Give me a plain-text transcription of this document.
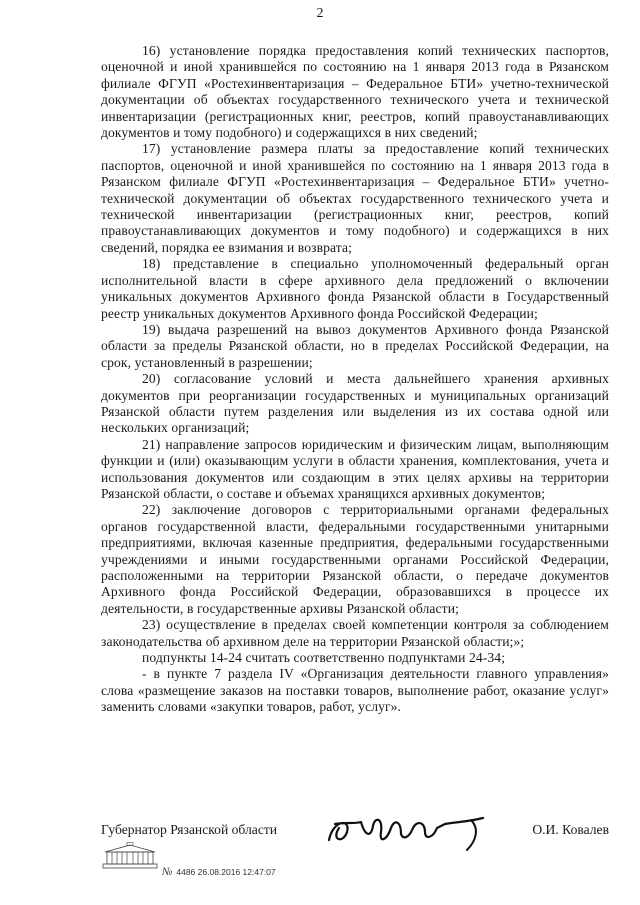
2

16) установление порядка предоставления копий технических паспортов, оценочной и иной хранившейся по состоянию на 1 января 2013 года в Рязанском филиале ФГУП «Ростехинвентаризация – Федеральное БТИ» учетно-технической документации об объектах государственного технического учета и технической инвентаризации (регистрационных книг, реестров, копий правоустанавливающих документов и тому подобного) и содержащихся в них сведений;

17) установление размера платы за предоставление копий технических паспортов, оценочной и иной хранившейся по состоянию на 1 января 2013 года в Рязанском филиале ФГУП «Ростехинвентаризация – Федеральное БТИ» учетно-технической документации об объектах государственного технического учета и технической инвентаризации (регистрационных книг, реестров, копий правоустанавливающих документов и тому подобного) и содержащихся в них сведений, порядка ее взимания и возврата;

18) представление в специально уполномоченный федеральный орган исполнительной власти в сфере архивного дела предложений о включении уникальных документов Архивного фонда Рязанской области в Государственный реестр уникальных документов Архивного фонда Российской Федерации;

19) выдача разрешений на вывоз документов Архивного фонда Рязанской области за пределы Рязанской области, но в пределах Российской Федерации, на срок, установленный в разрешении;

20) согласование условий и места дальнейшего хранения архивных документов при реорганизации государственных и муниципальных организаций Рязанской области путем разделения или выделения из их состава одной или нескольких организаций;

21) направление запросов юридическим и физическим лицам, выполняющим функции и (или) оказывающим услуги в области хранения, комплектования, учета и использования документов или создающим в этих целях архивы на территории Рязанской области, о составе и объемах хранящихся архивных документов;

22) заключение договоров с территориальными органами федеральных органов государственной власти, федеральными государственными унитарными предприятиями, включая казенные предприятия, федеральными государственными учреждениями и иными государственными органами Российской Федерации, расположенными на территории Рязанской области, о передаче документов Архивного фонда Российской Федерации, образовавшихся в процессе их деятельности, в государственные архивы Рязанской области;

23) осуществление в пределах своей компетенции контроля за соблюдением законодательства об архивном деле на территории Рязанской области;»;

подпункты 14-24 считать соответственно подпунктами 24-34;

- в пункте 7 раздела IV «Организация деятельности главного управления» слова «размещение заказов на поставки товаров, выполнение работ, оказание услуг» заменить словами «закупки товаров, работ, услуг».

Губернатор Рязанской области	О.И. Ковалев
№ 4486 26.08.2016 12:47:07
